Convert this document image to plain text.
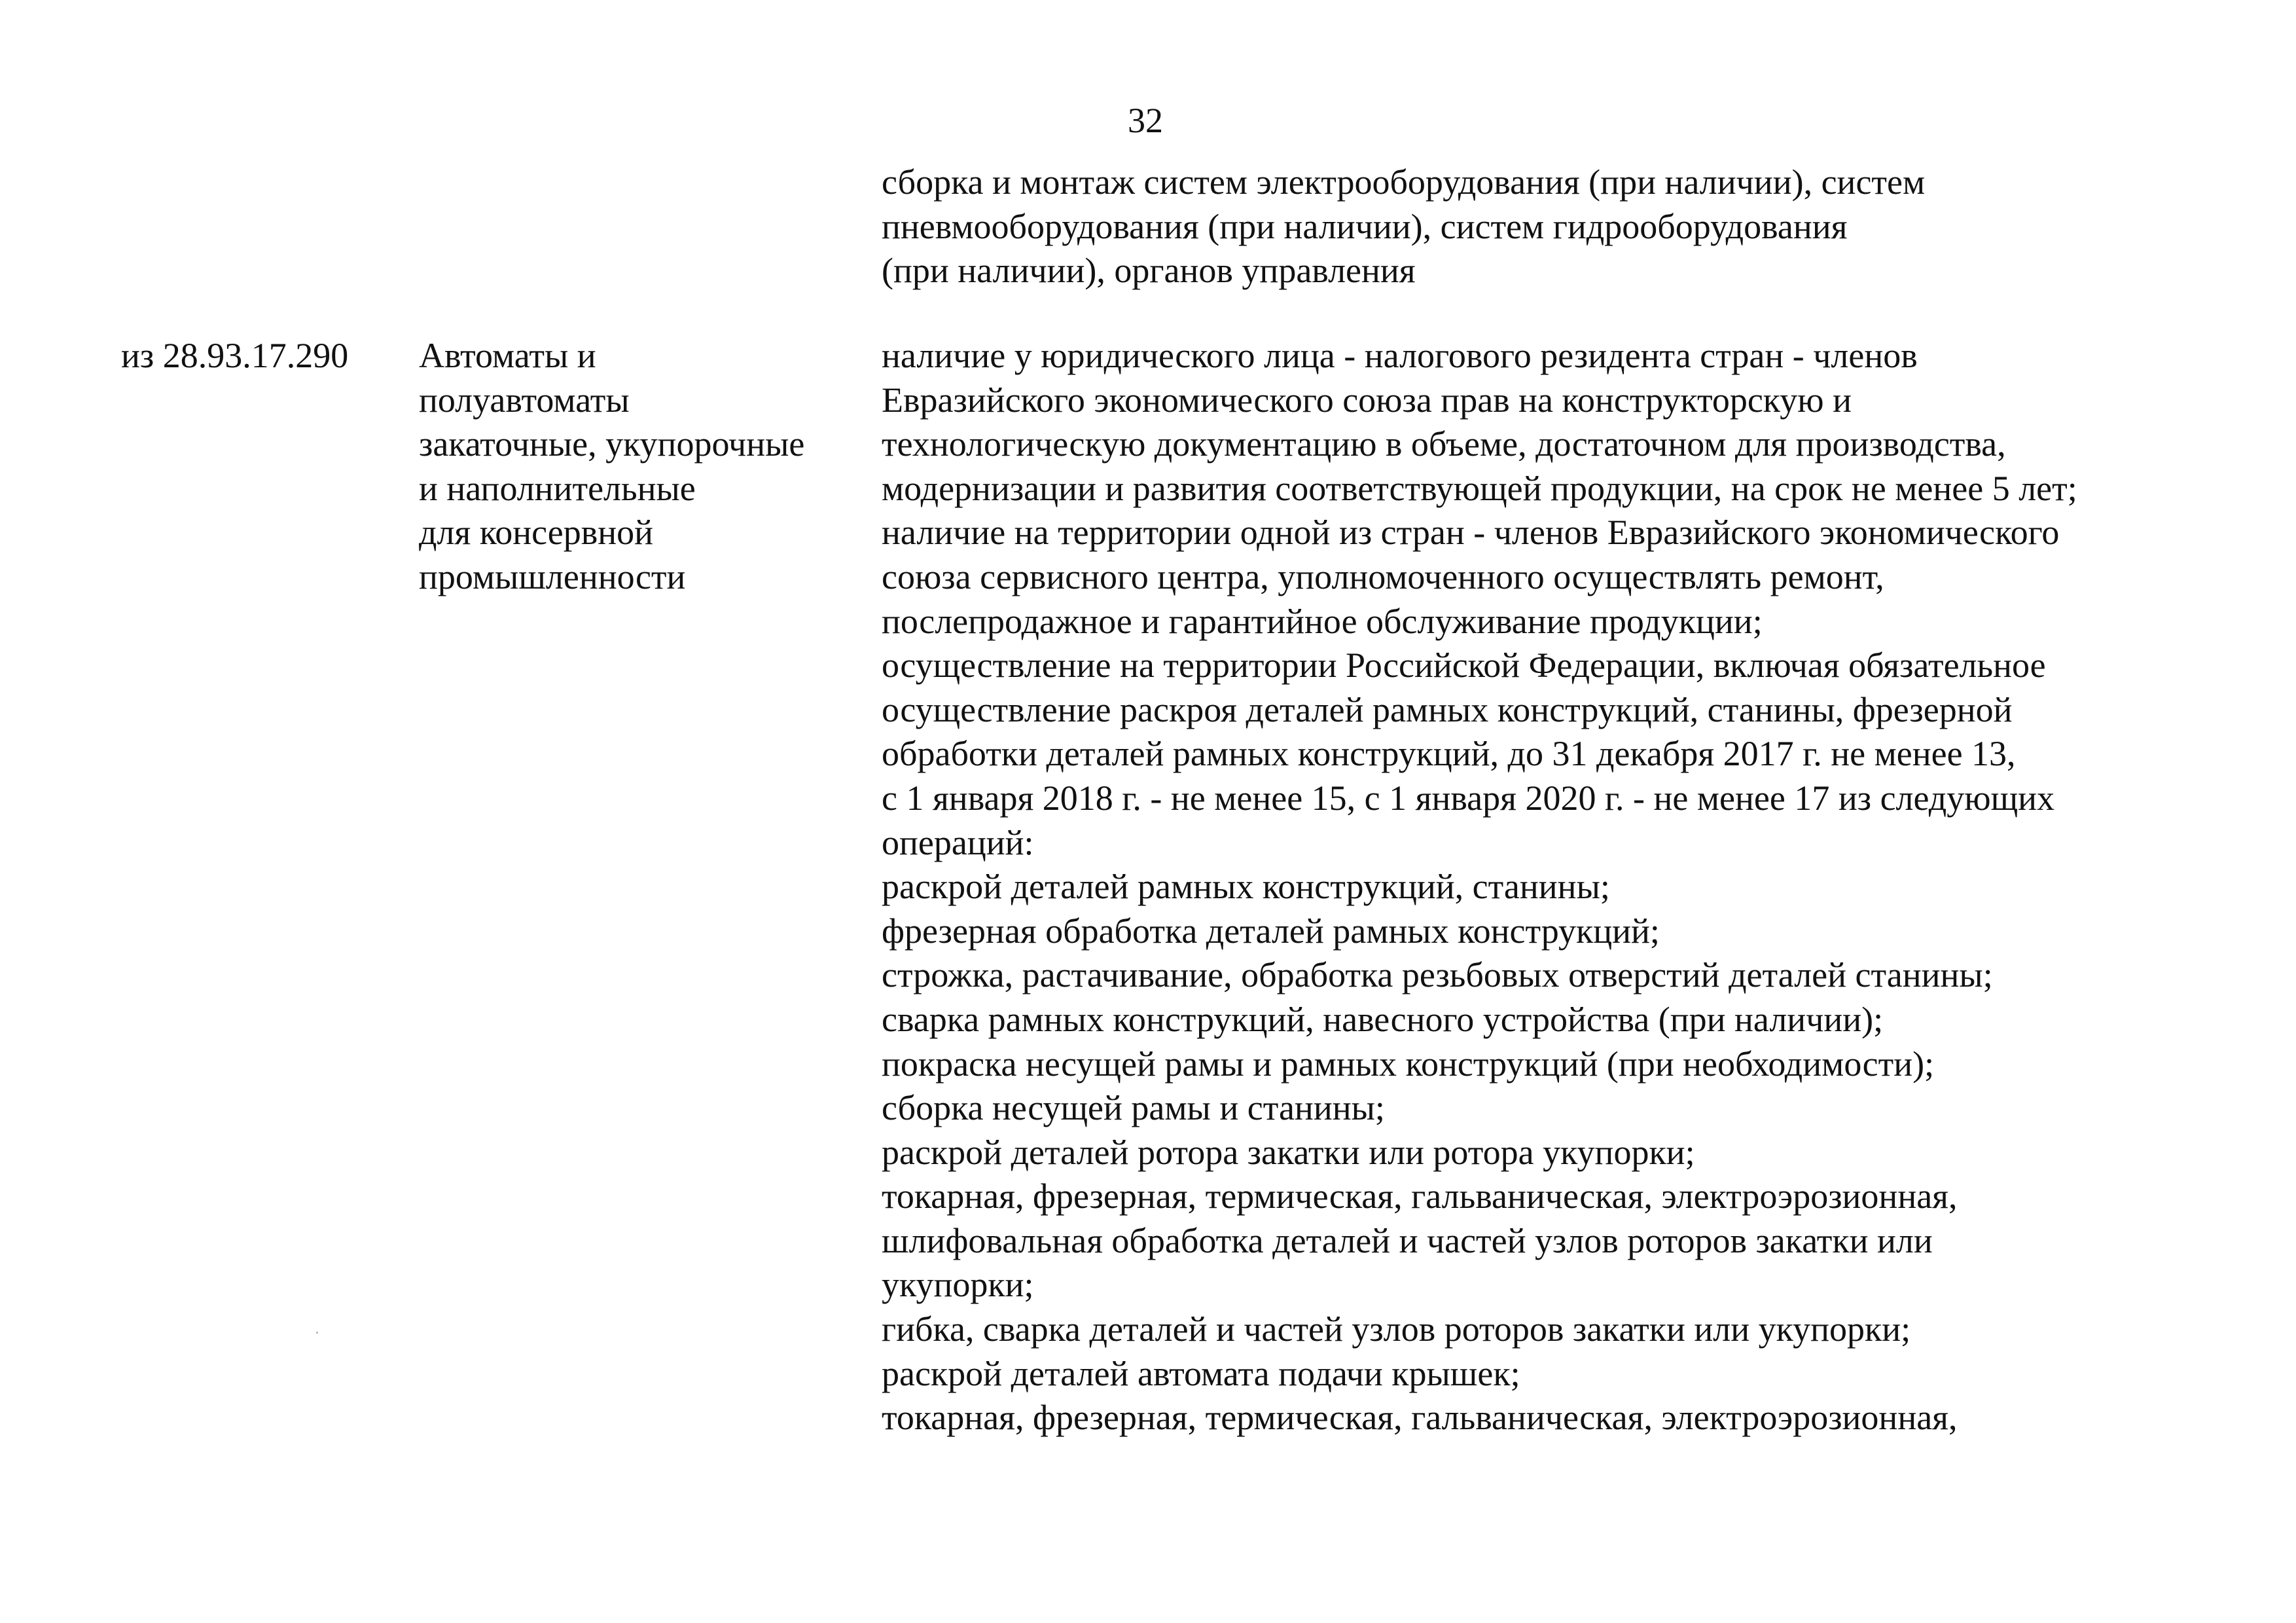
32
сборка и монтаж систем электрооборудования (при наличии), систем
пневмооборудования (при наличии), систем гидрооборудования
(при наличии), органов управления
из 28.93.17.290 Автоматы и
полуавтоматы
закаточные, укупорочные
и наполнительные
для консервной
промышленности
наличие у юридического лица - налогового резидента стран - членов
Евразийского экономического союза прав на конструкторскую и
технологическую документацию в объеме, достаточном для производства,
модернизации и развития соответствующей продукции, на срок не менее 5 лет;
наличие на территории одной из стран - членов Евразийского экономического
союза сервисного центра, уполномоченного осуществлять ремонт,
послепродажное и гарантийное обслуживание продукции;
осуществление на территории Российской Федерации, включая обязательное
осуществление раскроя деталей рамных конструкций, станины, фрезерной
обработки деталей рамных конструкций, до 31 декабря 2017 г. не менее 13,
с 1 января 2018 г. - не менее 15, с 1 января 2020 г. - не менее 17 из следующих
операций:
раскрой деталей рамных конструкций, станины;
фрезерная обработка деталей рамных конструкций;
строжка, растачивание, обработка резьбовых отверстий деталей станины;
сварка рамных конструкций, навесного устройства (при наличии);
покраска несущей рамы и рамных конструкций (при необходимости);
сборка несущей рамы и станины;
раскрой деталей ротора закатки или ротора укупорки;
токарная, фрезерная, термическая, гальваническая, электроэрозионная,
шлифовальная обработка деталей и частей узлов роторов закатки или
укупорки;
гибка, сварка деталей и частей узлов роторов закатки или укупорки;
раскрой деталей автомата подачи крышек;
токарная, фрезерная, термическая, гальваническая, электроэрозионная,
